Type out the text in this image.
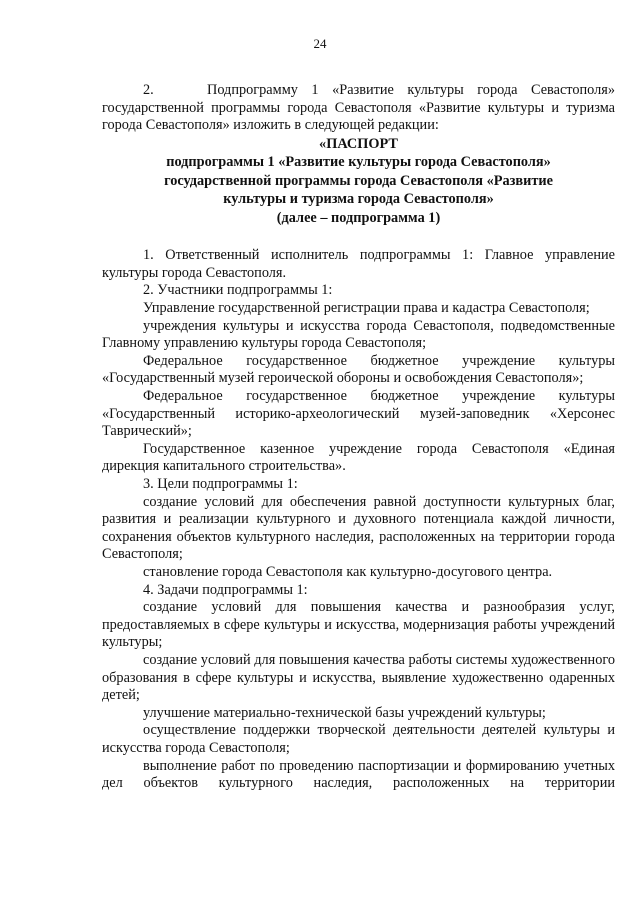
24

2.	Подпрограмму 1 «Развитие культуры города Севастополя» государственной программы города Севастополя «Развитие культуры и туризма города Севастополя» изложить в следующей редакции:

«ПАСПОРТ

подпрограммы 1 «Развитие культуры города Севастополя»

государственной программы города Севастополя «Развитие

культуры и туризма города Севастополя»

(далее – подпрограмма 1)

1. Ответственный исполнитель подпрограммы 1: Главное управление культуры города Севастополя.

2. Участники подпрограммы 1:

Управление государственной регистрации права и кадастра Севастополя;

учреждения культуры и искусства города Севастополя, подведомственные Главному управлению культуры города Севастополя;

Федеральное государственное бюджетное учреждение культуры «Государственный музей героической обороны и освобождения Севастополя»;

Федеральное государственное бюджетное учреждение культуры «Государственный историко-археологический музей-заповедник «Херсонес Таврический»;

Государственное казенное учреждение города Севастополя «Единая дирекция капитального строительства».

3. Цели подпрограммы 1:

создание условий для обеспечения равной доступности культурных благ, развития и реализации культурного и духовного потенциала каждой личности, сохранения объектов культурного наследия, расположенных на территории города Севастополя;

становление города Севастополя как культурно-досугового центра.

4. Задачи подпрограммы 1:

создание условий для повышения качества и разнообразия услуг, предоставляемых в сфере культуры и искусства, модернизация работы учреждений культуры;

создание условий для повышения качества работы системы художественного образования в сфере культуры и искусства, выявление художественно одаренных детей;

улучшение материально-технической базы учреждений культуры;

осуществление поддержки творческой деятельности деятелей культуры и искусства города Севастополя;

выполнение работ по проведению паспортизации и формированию учетных дел объектов культурного наследия, расположенных на территории
